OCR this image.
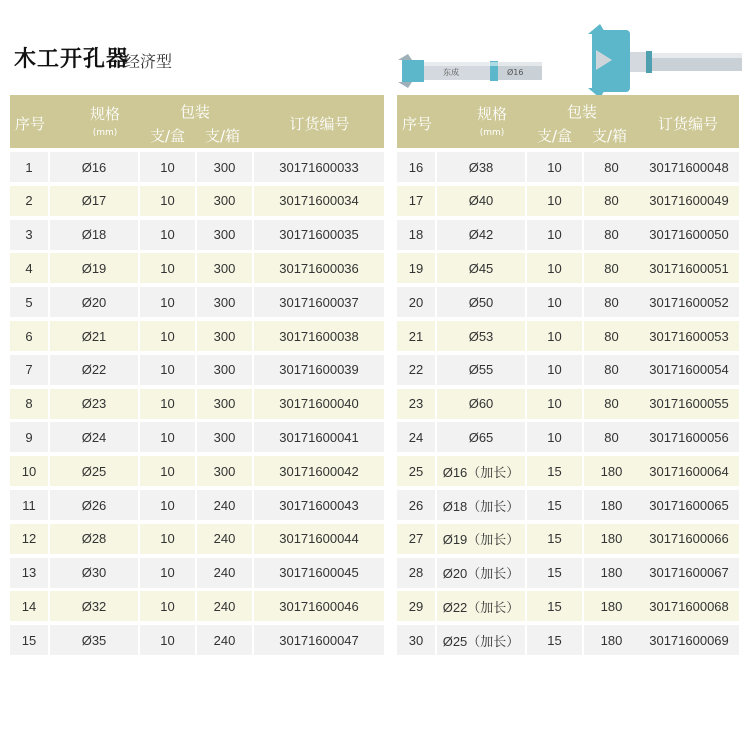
木工开孔器
经济型
东成	Ø16
序号
规格
(mm)
包装
支/盒	支/箱
订货编号
1	Ø16	10	300	30171600033
2	Ø17	10	300	30171600034
3	Ø18	10	300	30171600035
4	Ø19	10	300	30171600036
5	Ø20	10	300	30171600037
6	Ø21	10	300	30171600038
7	Ø22	10	300	30171600039
8	Ø23	10	300	30171600040
9	Ø24	10	300	30171600041
10	Ø25	10	300	30171600042
11	Ø26	10	240	30171600043
12	Ø28	10	240	30171600044
13	Ø30	10	240	30171600045
14	Ø32	10	240	30171600046
15	Ø35	10	240	30171600047
序号
规格
(mm)
包装
支/盒	支/箱
订货编号
16	Ø38	10	80	30171600048
17	Ø40	10	80	30171600049
18	Ø42	10	80	30171600050
19	Ø45	10	80	30171600051
20	Ø50	10	80	30171600052
21	Ø53	10	80	30171600053
22	Ø55	10	80	30171600054
23	Ø60	10	80	30171600055
24	Ø65	10	80	30171600056
25	Ø16（加长）	15	180	30171600064
26	Ø18（加长）	15	180	30171600065
27	Ø19（加长）	15	180	30171600066
28	Ø20（加长）	15	180	30171600067
29	Ø22（加长）	15	180	30171600068
30	Ø25（加长）	15	180	30171600069
